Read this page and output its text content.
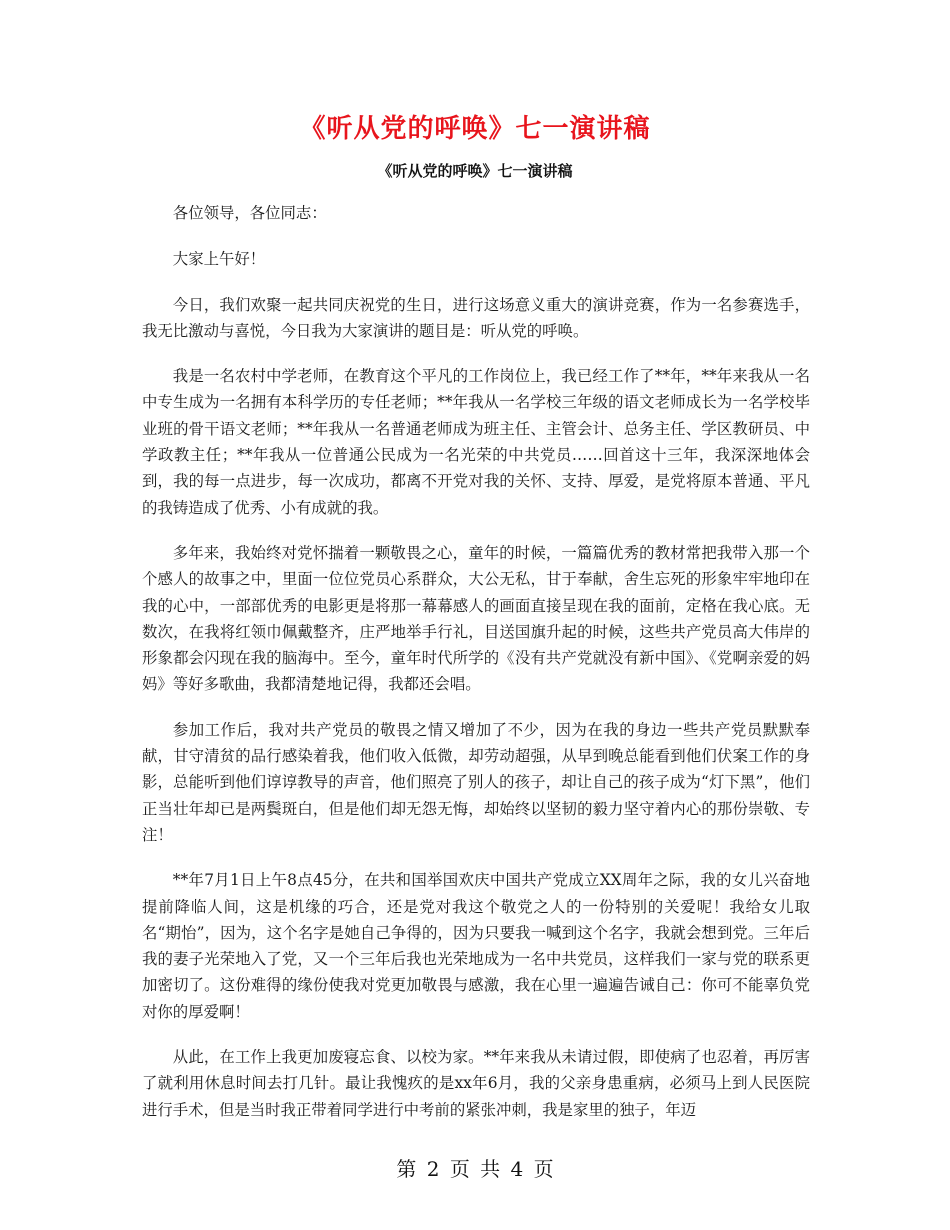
《听从党的呼唤》七一演讲稿
《听从党的呼唤》七一演讲稿

各位领导，各位同志：

大家上午好！

今日，我们欢聚一起共同庆祝党的生日，进行这场意义重大的演讲竞赛，作为一名参赛选手，我无比激动与喜悦，今日我为大家演讲的题目是：听从党的呼唤。

我是一名农村中学老师，在教育这个平凡的工作岗位上，我已经工作了**年，**年来我从一名中专生成为一名拥有本科学历的专任老师；**年我从一名学校三年级的语文老师成长为一名学校毕业班的骨干语文老师；**年我从一名普通老师成为班主任、主管会计、总务主任、学区教研员、中学政教主任；**年我从一位普通公民成为一名光荣的中共党员……回首这十三年，我深深地体会到，我的每一点进步，每一次成功，都离不开党对我的关怀、支持、厚爱，是党将原本普通、平凡的我铸造成了优秀、小有成就的我。

多年来，我始终对党怀揣着一颗敬畏之心，童年的时候，一篇篇优秀的教材常把我带入那一个个感人的故事之中，里面一位位党员心系群众，大公无私，甘于奉献，舍生忘死的形象牢牢地印在我的心中，一部部优秀的电影更是将那一幕幕感人的画面直接呈现在我的面前，定格在我心底。无数次，在我将红领巾佩戴整齐，庄严地举手行礼，目送国旗升起的时候，这些共产党员高大伟岸的形象都会闪现在我的脑海中。至今，童年时代所学的《没有共产党就没有新中国》、《党啊亲爱的妈妈》等好多歌曲，我都清楚地记得，我都还会唱。

参加工作后，我对共产党员的敬畏之情又增加了不少，因为在我的身边一些共产党员默默奉献，甘守清贫的品行感染着我，他们收入低微，却劳动超强，从早到晚总能看到他们伏案工作的身影，总能听到他们谆谆教导的声音，他们照亮了别人的孩子，却让自己的孩子成为“灯下黑”，他们正当壮年却已是两鬓斑白，但是他们却无怨无悔，却始终以坚韧的毅力坚守着内心的那份崇敬、专注！

**年7月1日上午8点45分，在共和国举国欢庆中国共产党成立XX周年之际，我的女儿兴奋地提前降临人间，这是机缘的巧合，还是党对我这个敬党之人的一份特别的关爱呢！我给女儿取名“期怡”，因为，这个名字是她自己争得的，因为只要我一喊到这个名字，我就会想到党。三年后我的妻子光荣地入了党，又一个三年后我也光荣地成为一名中共党员，这样我们一家与党的联系更加密切了。这份难得的缘份使我对党更加敬畏与感激，我在心里一遍遍告诫自己：你可不能辜负党对你的厚爱啊！

从此，在工作上我更加废寝忘食、以校为家。**年来我从未请过假，即使病了也忍着，再厉害了就利用休息时间去打几针。最让我愧疚的是xx年6月，我的父亲身患重病，必须马上到人民医院进行手术，但是当时我正带着同学进行中考前的紧张冲刺，我是家里的独子，年迈

第 2 页 共 4 页
